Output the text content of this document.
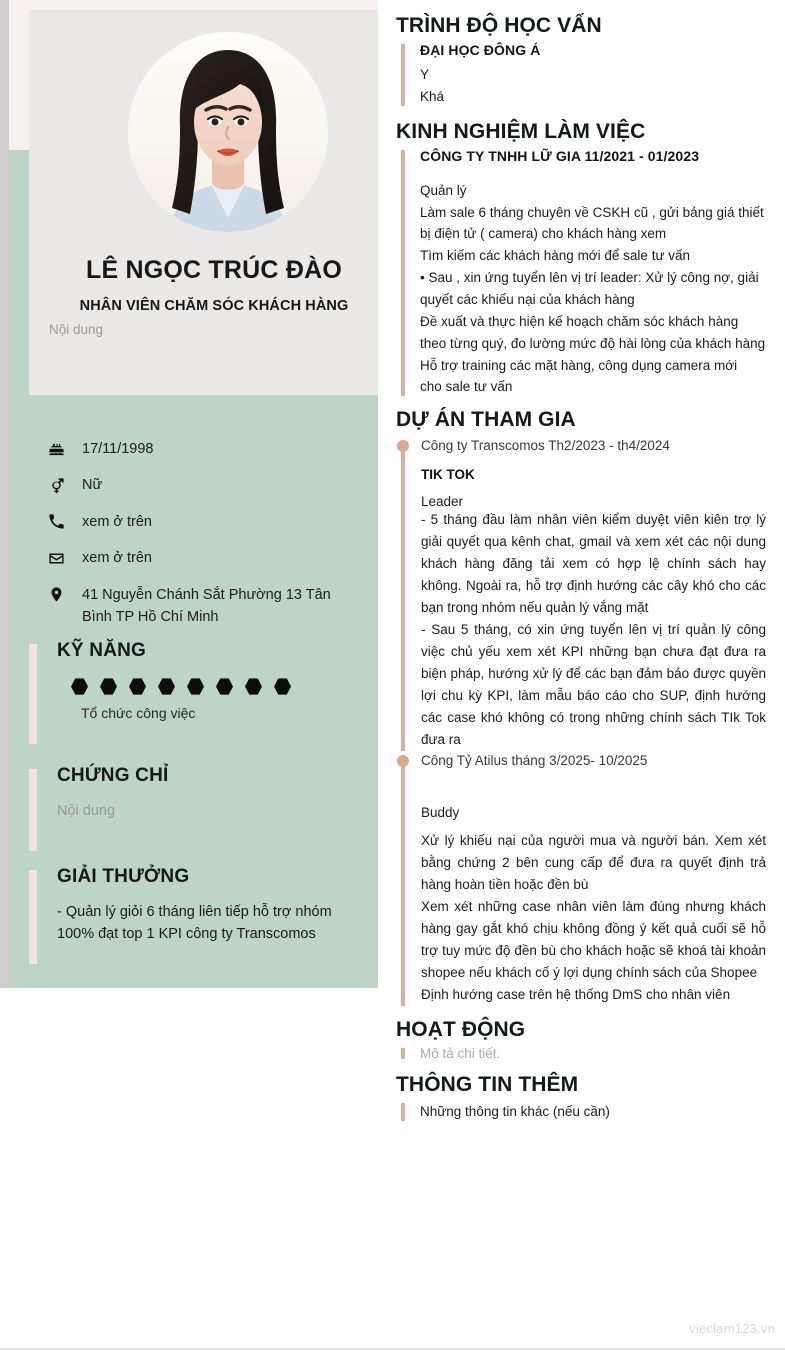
LÊ NGỌC TRÚC ĐÀO
NHÂN VIÊN CHĂM SÓC KHÁCH HÀNG
Nội dung
17/11/1998
Nữ
xem ở trên
xem ở trên
41 Nguyễn Chánh Sắt Phường 13 Tân Bình TP Hồ Chí Minh
KỸ NĂNG
Tổ chức công việc
CHỨNG CHỈ
Nội dung
GIẢI THƯỞNG
- Quản lý giỏi 6 tháng liên tiếp hỗ trợ nhóm
100% đạt top 1 KPI công ty Transcomos
TRÌNH ĐỘ HỌC VẤN
ĐẠI HỌC ĐÔNG Á

Y

Khá

KINH NGHIỆM LÀM VIỆC
CÔNG TY TNHH LỮ GIA 11/2021 - 01/2023

Quản lý

Làm sale 6 tháng chuyên về CSKH cũ , gửi bảng giá thiết bị điện tử ( camera) cho khách hàng xem

Tìm kiếm các khách hàng mới để sale tư vấn

• Sau , xin ứng tuyển lên vị trí leader: Xử lý công nợ, giải quyết các khiếu nại của khách hàng

Đề xuất và thực hiện kế hoạch chăm sóc khách hàng theo từng quý, đo lường mức độ hài lòng của khách hàng

Hỗ trợ training các mặt hàng, công dụng camera mới

cho sale tư vấn

DỰ ÁN THAM GIA

Công ty Transcomos Th2/2023 - th4/2024

TIK TOK

Leader

- 5 tháng đầu làm nhân viên kiểm duyệt viên kiên trợ lý giải quyết qua kênh chat, gmail và xem xét các nội dung khách hàng đăng tải xem có hợp lệ chính sách hay không. Ngoài ra, hỗ trợ định hướng các cây khó cho các bạn trong nhóm nếu quản lý vắng mặt

- Sau 5 tháng, có xin ứng tuyển lên vị trí quản lý công việc chủ yếu xem xét KPI những bạn chưa đạt đưa ra biện pháp, hướng xử lý để các bạn đảm bảo được quyền lợi chu kỳ KPI, làm mẫu báo cáo cho SUP, định hướng các case khó không có trong những chính sách TIk Tok đưa ra

Công Tỷ Atilus tháng 3/2025- 10/2025

Buddy

Xử lý khiếu nại của người mua và người bán. Xem xét bằng chứng 2 bên cung cấp để đưa ra quyết định trả hàng hoàn tiền hoặc đền bù

Xem xét những case nhân viên làm đúng nhưng khách hàng gay gắt khó chịu không đồng ý kết quả cuối sẽ hỗ trợ tuy mức độ đền bù cho khách hoặc sẽ khoá tài khoản shopee nếu khách cố ý lợi dụng chính sách của Shopee

Định hướng case trên hệ thống DmS cho nhân viên

HOẠT ĐỘNG

Mô tả chi tiết.

THÔNG TIN THÊM

Những thông tin khác (nếu cần)

vieclam123.vn
